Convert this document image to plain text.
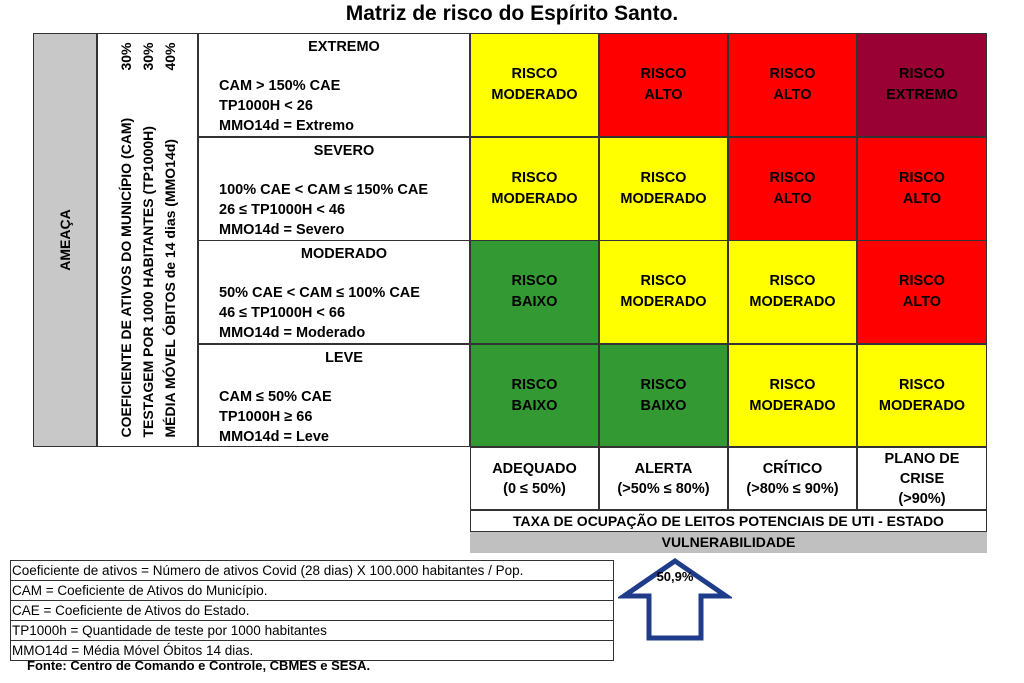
Matriz de risco do Espírito Santo.
AMEAÇA	COEFICIENTE DE ATIVOS DO MUNICÍPIO (CAM)
30%
TESTAGEM POR 1000 HABITANTES (TP1000H)
30%
MÉDIA MÓVEL ÓBITOS de 14 dias (MMO14d)
40%	EXTREMO
CAM > 150% CAE
TP1000H < 26
MMO14d = Extremo
SEVERO
100% CAE < CAM ≤ 150% CAE
26 ≤ TP1000H < 46
MMO14d = Severo
MODERADO
50% CAE < CAM ≤ 100% CAE
46 ≤ TP1000H < 66
MMO14d = Moderado
LEVE
CAM ≤ 50% CAE
TP1000H ≥ 66
MMO14d = Leve
RISCO
MODERADO
RISCO
ALTO
RISCO
ALTO
RISCO
EXTREMO
RISCO
MODERADO
RISCO
MODERADO
RISCO
ALTO
RISCO
ALTO
RISCO
BAIXO
RISCO
MODERADO
RISCO
MODERADO
RISCO
ALTO
RISCO
BAIXO
RISCO
BAIXO
RISCO
MODERADO
RISCO
MODERADO
ADEQUADO
(0 ≤ 50%)
ALERTA
(>50% ≤ 80%)
CRÍTICO
(>80% ≤ 90%)
PLANO DE
CRISE
(>90%)
TAXA DE OCUPAÇÃO DE LEITOS POTENCIAIS DE UTI - ESTADO
VULNERABILIDADE
50,9%
Coeficiente de ativos = Número de ativos Covid (28 dias) X 100.000 habitantes / Pop.
CAM = Coeficiente de Ativos do Município.
CAE = Coeficiente de Ativos do Estado.
TP1000h = Quantidade de teste por 1000 habitantes
MMO14d = Média Móvel Óbitos 14 dias.
Fonte: Centro de Comando e Controle, CBMES e SESA.
